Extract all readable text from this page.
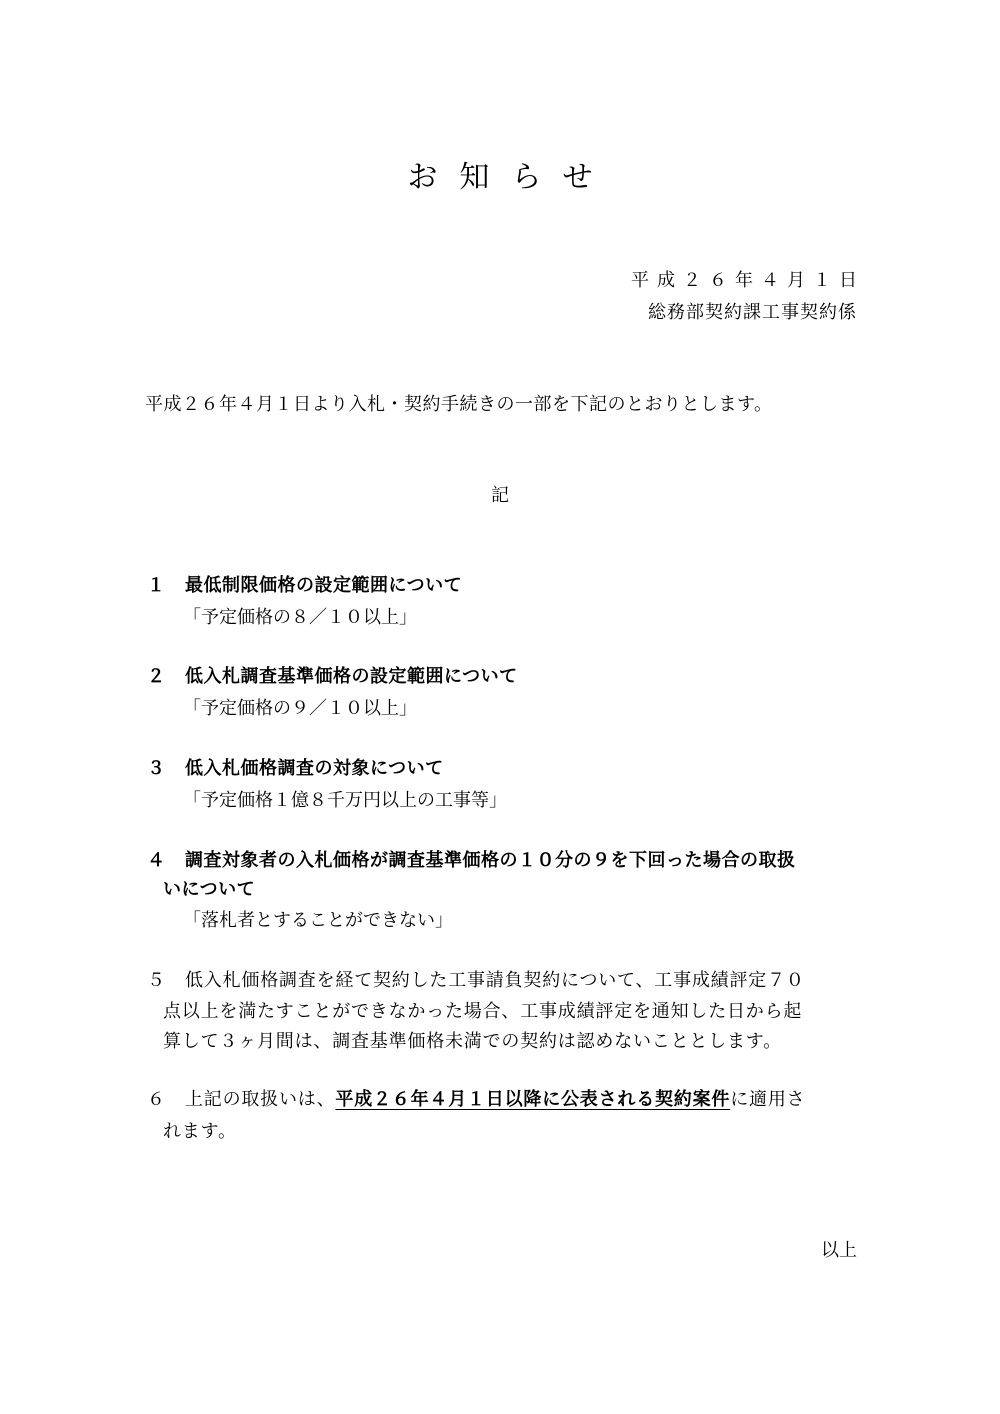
お知らせ
平成２６年４月１日
総務部契約課工事契約係
平成２６年４月１日より入札・契約手続きの一部を下記のとおりとします。
記
１ 最低制限価格の設定範囲について
「予定価格の８／１０以上」
２ 低入札調査基準価格の設定範囲について
「予定価格の９／１０以上」
３ 低入札価格調査の対象について
「予定価格１億８千万円以上の工事等」
４ 調査対象者の入札価格が調査基準価格の１０分の９を下回った場合の取扱
いについて
「落札者とすることができない」
５ 低入札価格調査を経て契約した工事請負契約について、工事成績評定７０
点以上を満たすことができなかった場合、工事成績評定を通知した日から起
算して３ヶ月間は、調査基準価格未満での契約は認めないこととします。
６ 上記の取扱いは、平成２６年４月１日以降に公表される契約案件に適用さ
れます。
以上
